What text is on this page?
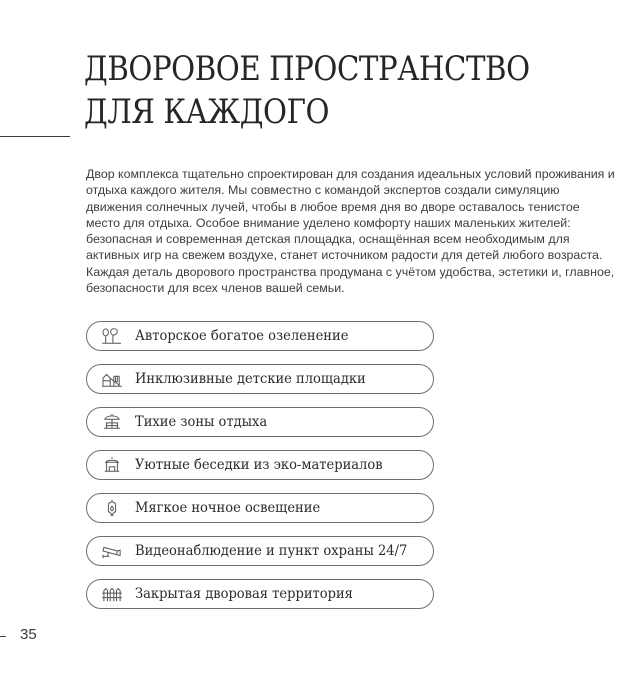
ДВОРОВОЕ ПРОСТРАНСТВО
ДЛЯ КАЖДОГО

Двор комплекса тщательно спроектирован для создания идеальных условий проживания и отдыха каждого жителя. Мы совместно с командой экспертов создали симуляцию движения солнечных лучей, чтобы в любое время дня во дворе оставалось тенистое место для отдыха. Особое внимание уделено комфорту наших маленьких жителей: безопасная и современная детская площадка, оснащённая всем необходимым для активных игр на свежем воздухе, станет источником радости для детей любого возраста. Каждая деталь дворового пространства продумана с учётом удобства, эстетики и, главное, безопасности для всех членов вашей семьи.

Авторское богатое озеленение
Инклюзивные детские площадки
Тихие зоны отдыха
Уютные беседки из эко-материалов
Мягкое ночное освещение
Видеонаблюдение и пункт охраны 24/7
Закрытая дворовая территория
35
